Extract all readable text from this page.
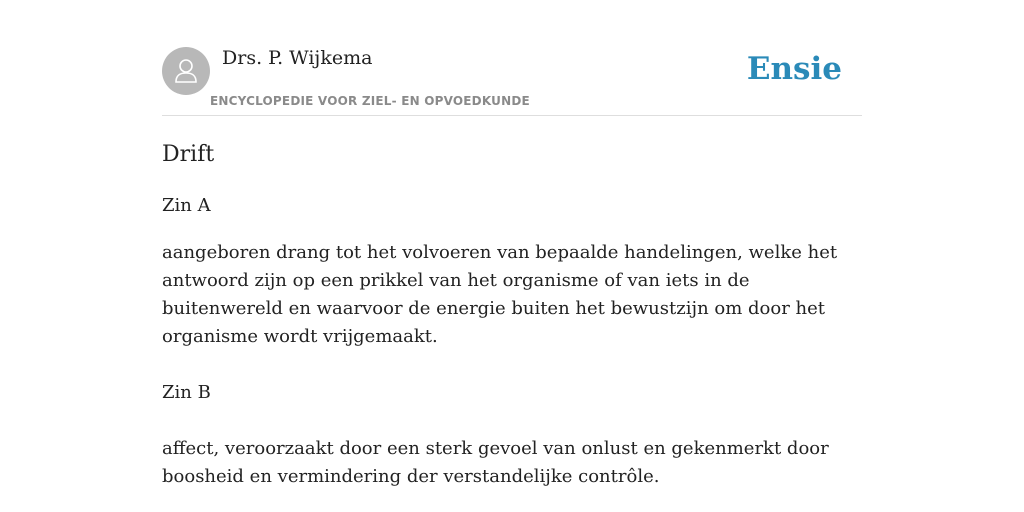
Drs. P. Wijkema
ENCYCLOPEDIE VOOR ZIEL- EN OPVOEDKUNDE
Ensie
Drift

Zin A

aangeboren drang tot het volvoeren van bepaalde handelingen, welke het antwoord zijn op een prikkel van het organisme of van iets in de buitenwereld en waarvoor de energie buiten het bewustzijn om door het organisme wordt vrijgemaakt.

Zin B

affect, veroorzaakt door een sterk gevoel van onlust en gekenmerkt door boosheid en vermindering der verstandelijke contrôle.
